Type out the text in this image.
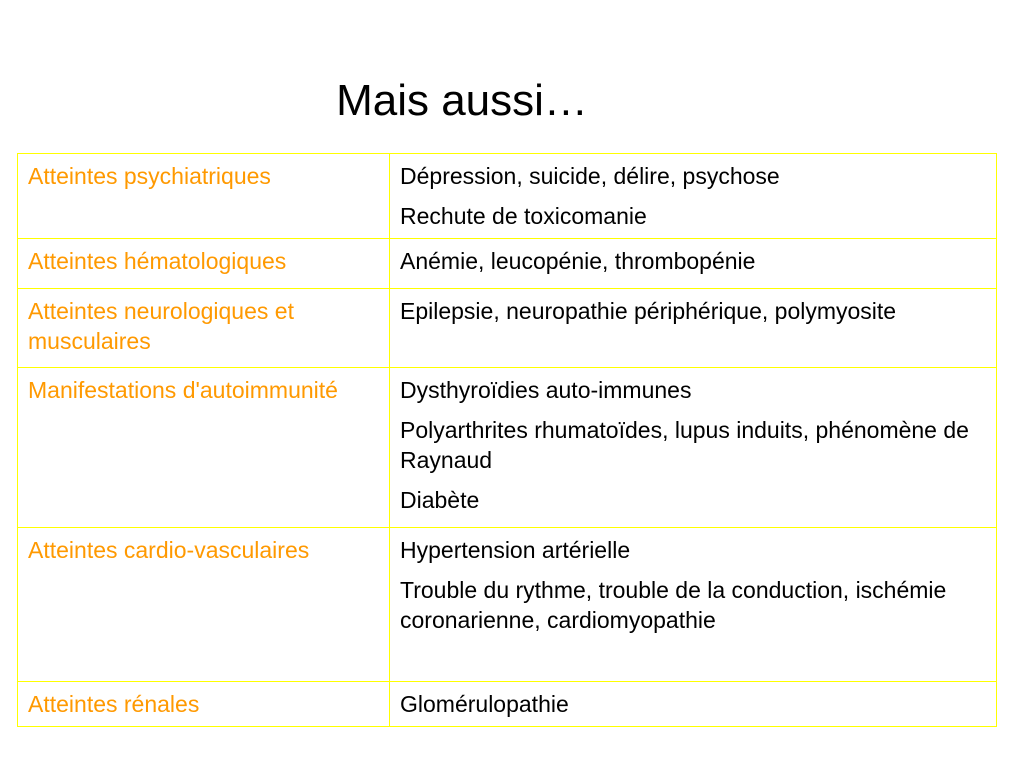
Mais aussi…
Atteintes psychiatriques	Dépression, suicide, délire, psychose
Rechute de toxicomanie

Atteintes hématologiques	Anémie, leucopénie, thrombopénie

Atteintes neurologiques et musculaires	Epilepsie, neuropathie périphérique, polymyosite

Manifestations d'autoimmunité	Dysthyroïdies auto-immunes
Polyarthrites rhumatoïdes, lupus induits, phénomène de Raynaud
Diabète

Atteintes cardio-vasculaires	Hypertension artérielle
Trouble du rythme, trouble de la conduction, ischémie coronarienne, cardiomyopathie

Atteintes rénales	Glomérulopathie
